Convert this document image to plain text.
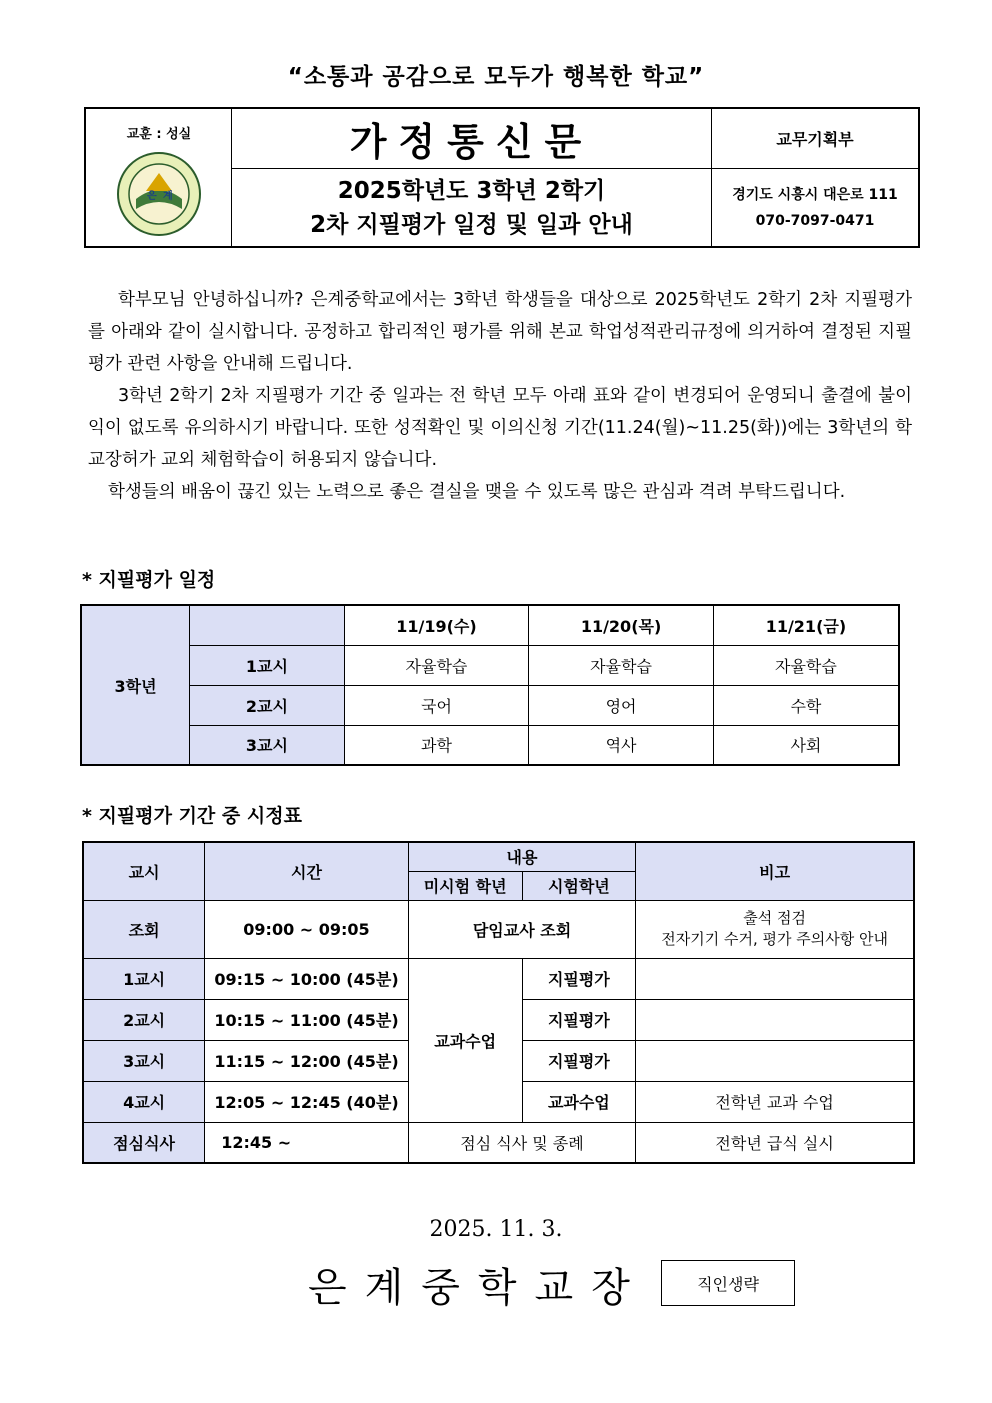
“소통과 공감으로 모두가 행복한 학교”
교훈 : 성실
은 계
가정통신문
2025학년도 3학년 2학기
2차 지필평가 일정 및 일과 안내
교무기획부
경기도 시흥시 대은로 111
070-7097-0471
학부모님 안녕하십니까? 은계중학교에서는 3학년 학생들을 대상으로 2025학년도 2학기 2차 지필평가를 아래와 같이 실시합니다. 공정하고 합리적인 평가를 위해 본교 학업성적관리규정에 의거하여 결정된 지필평가 관련 사항을 안내해 드립니다.
3학년 2학기 2차 지필평가 기간 중 일과는 전 학년 모두 아래 표와 같이 변경되어 운영되니 출결에 불이익이 없도록 유의하시기 바랍니다. 또한 성적확인 및 이의신청 기간(11.24(월)~11.25(화))에는 3학년의 학교장허가 교외 체험학습이 허용되지 않습니다.
학생들의 배움이 끊긴 있는 노력으로 좋은 결실을 맺을 수 있도록 많은 관심과 격려 부탁드립니다.
* 지필평가 일정
3학년		11/19(수)	11/20(목)	11/21(금)
	1교시	자율학습	자율학습	자율학습
	2교시	국어	영어	수학
	3교시	과학	역사	사회
* 지필평가 기간 중 시정표
교시	시간	내용		비고
		미시험 학년	시험학년	
조회	09:00 ~ 09:05	담임교사 조회		출석 점검
전자기기 수거, 평가 주의사항 안내

1교시	09:15 ~ 10:00 (45분)	교과수업	지필평가	
2교시	10:15 ~ 11:00 (45분)		지필평가	
3교시	11:15 ~ 12:00 (45분)		지필평가	
4교시	12:05 ~ 12:45 (40분)		교과수업	전학년 교과 수업
점심식사	12:45 ~	점심 식사 및 종례		전학년 급식 실시
2025. 11. 3.
은계중학교장	직인생략
